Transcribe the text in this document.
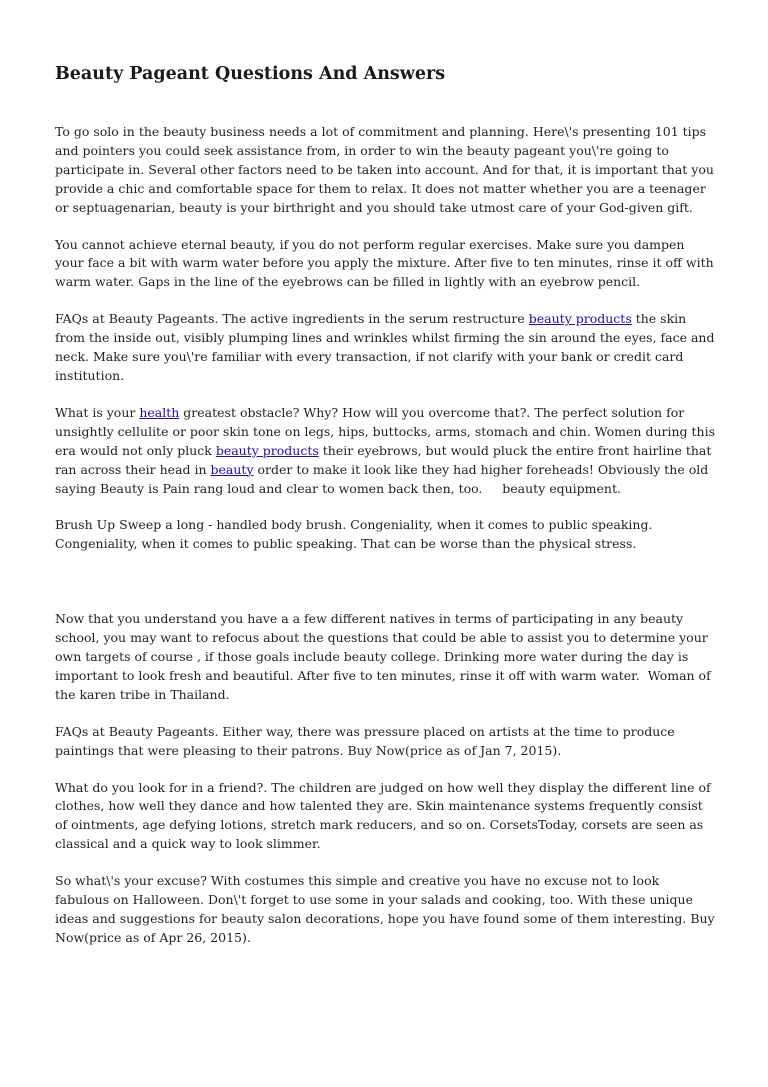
Beauty Pageant Questions And Answers

To go solo in the beauty business needs a lot of commitment and planning. Here\'s presenting 101 tips and pointers you could seek assistance from, in order to win the beauty pageant you\'re going to participate in. Several other factors need to be taken into account. And for that, it is important that you provide a chic and comfortable space for them to relax. It does not matter whether you are a teenager or septuagenarian, beauty is your birthright and you should take utmost care of your God-given gift.

You cannot achieve eternal beauty, if you do not perform regular exercises. Make sure you dampen your face a bit with warm water before you apply the mixture. After five to ten minutes, rinse it off with warm water. Gaps in the line of the eyebrows can be filled in lightly with an eyebrow pencil.

FAQs at Beauty Pageants. The active ingredients in the serum restructure beauty products the skin from the inside out, visibly plumping lines and wrinkles whilst firming the sin around the eyes, face and neck. Make sure you\'re familiar with every transaction, if not clarify with your bank or credit card institution.

What is your health greatest obstacle? Why? How will you overcome that?. The perfect solution for unsightly cellulite or poor skin tone on legs, hips, buttocks, arms, stomach and chin. Women during this era would not only pluck beauty products their eyebrows, but would pluck the entire front hairline that ran across their head in beauty order to make it look like they had higher foreheads! Obviously the old saying Beauty is Pain rang loud and clear to women back then, too.     beauty equipment.

Brush Up Sweep a long - handled body brush. Congeniality, when it comes to public speaking. Congeniality, when it comes to public speaking. That can be worse than the physical stress.

Now that you understand you have a a few different natives in terms of participating in any beauty school, you may want to refocus about the questions that could be able to assist you to determine your own targets of course , if those goals include beauty college. Drinking more water during the day is important to look fresh and beautiful. After five to ten minutes, rinse it off with warm water.  Woman of the karen tribe in Thailand.

FAQs at Beauty Pageants. Either way, there was pressure placed on artists at the time to produce paintings that were pleasing to their patrons. Buy Now(price as of Jan 7, 2015).

What do you look for in a friend?. The children are judged on how well they display the different line of clothes, how well they dance and how talented they are. Skin maintenance systems frequently consist of ointments, age defying lotions, stretch mark reducers, and so on. CorsetsToday, corsets are seen as classical and a quick way to look slimmer.

So what\'s your excuse? With costumes this simple and creative you have no excuse not to look fabulous on Halloween. Don\'t forget to use some in your salads and cooking, too. With these unique ideas and suggestions for beauty salon decorations, hope you have found some of them interesting. Buy Now(price as of Apr 26, 2015).
